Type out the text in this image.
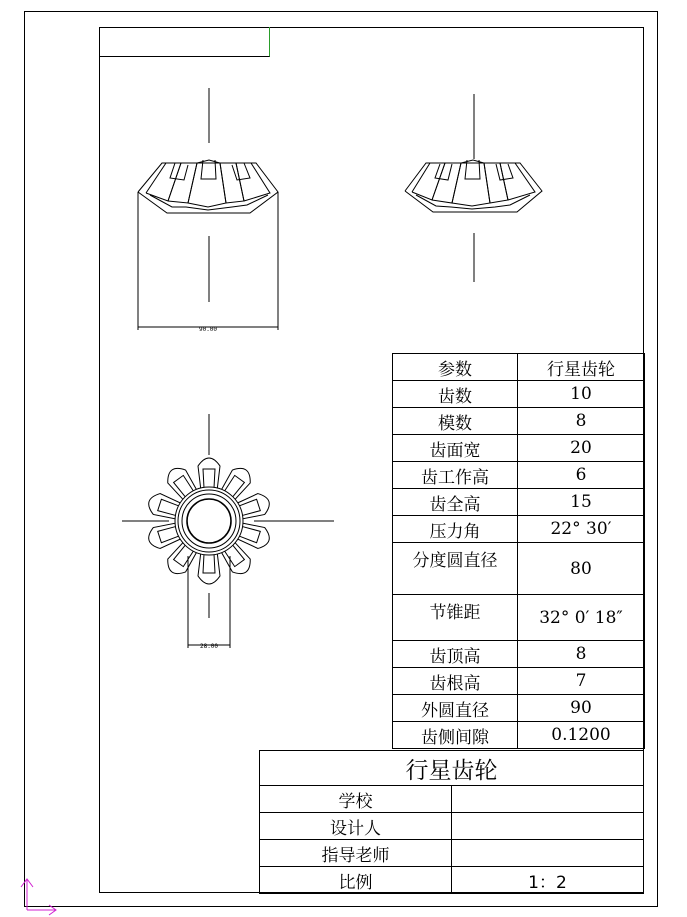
90.00
28.00
参数	行星齿轮
齿数	10
模数	8
齿面宽	20
齿工作高	6
齿全高	15
压力角	22° 30′
分度圆直径	80
节锥距	32° 0′ 18″
齿顶高	8
齿根高	7
外圆直径	90
齿侧间隙	0.1200
行星齿轮	
学校	
设计人	
指导老师	
比例	1：2
